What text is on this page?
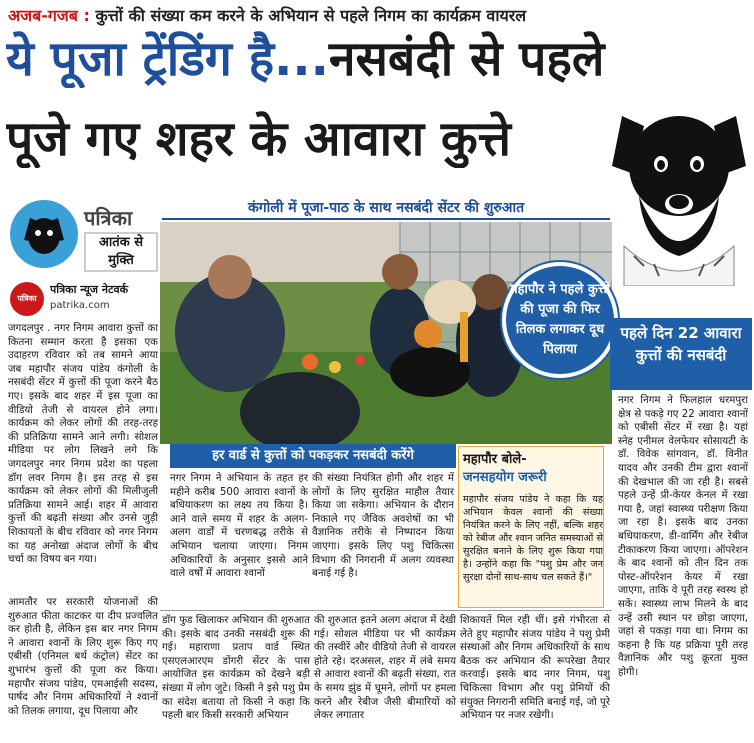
अजब-गजब : कुत्तों की संख्या कम करने के अभियान से पहले निगम का कार्यक्रम वायरल
ये पूजा ट्रेंडिंग है...नसबंदी से पहले
पूजे गए शहर के आवारा कुत्ते
पत्रिका
आतंक से मुक्ति
पत्रिका
पत्रिका न्यूज नेटवर्क
patrika.com
जगदलपुर . नगर निगम आवारा कुत्तों का कितना सम्मान करता है इसका एक उदाहरण रविवार को तब सामने आया जब महापौर संजय पांडेय कंगोली के नसबंदी सेंटर में कुत्तों की पूजा करने बैठ गए। इसके बाद शहर में इस पूजा का वीडियो तेजी से वायरल होने लगा। कार्यक्रम को लेकर लोगों की तरह-तरह की प्रतिक्रिया सामने आने लगी। सोशल मीडिया पर लोग लिखने लगे कि जगदलपुर नगर निगम प्रदेश का पहला डॉग लवर निगम है। इस तरह से इस कार्यक्रम को लेकर लोगों की मिलीजुली प्रतिक्रिया सामने आई। शहर में आवारा कुत्तों की बढ़ती संख्या और उनसे जुड़ी शिकायतों के बीच रविवार को नगर निगम का यह अनोखा अंदाज लोगों के बीच चर्चा का विषय बन गया।
आमतौर पर सरकारी योजनाओं की शुरुआत फीता काटकर या दीप प्रज्वलित कर होती है, लेकिन इस बार नगर निगम ने आवारा श्वानों के लिए शुरू किए गए एबीसी (एनिमल बर्थ कंट्रोल) सेंटर का शुभारंभ कुत्तों की पूजा कर किया। महापौर संजय पांडेय, एमआईसी सदस्य, पार्षद और निगम अधिकारियों ने श्वानों को तिलक लगाया, दूध पिलाया और
कंगोली में पूजा-पाठ के साथ नसबंदी सेंटर की शुरुआत
महापौर ने पहले कुत्तों की पूजा की फिर तिलक लगाकर दूध पिलाया
पहले दिन 22 आवारा कुत्तों की नसबंदी
नगर निगम ने फिलहाल धरमपुरा क्षेत्र से पकड़े गए 22 आवारा श्वानों को एबीसी सेंटर में रखा है। यहां स्नेह एनीमल वेलफेयर सोसायटी के डॉ. विवेक सांगवान, डॉ. विनीत यादव और उनकी टीम द्वारा श्वानों की देखभाल की जा रही है। सबसे पहले उन्हें प्री-केयर केनल में रखा गया है, जहां स्वास्थ्य परीक्षण किया जा रहा है। इसके बाद उनका बधियाकरण, डी-वार्मिंग और रेबीज टीकाकरण किया जाएगा। ऑपरेशन के बाद श्वानों को तीन दिन तक पोस्ट-ऑपरेशन केयर में रखा जाएगा, ताकि वे पूरी तरह स्वस्थ हो सकें। स्वास्थ्य लाभ मिलने के बाद उन्हें उसी स्थान पर छोड़ा जाएगा, जहां से पकड़ा गया था। निगम का कहना है कि यह प्रक्रिया पूरी तरह वैज्ञानिक और पशु क्रूरता मुक्त होगी।
हर वार्ड से कुत्तों को पकड़कर नसबंदी करेंगे
नगर निगम ने अभियान के तहत हर महीने करीब 500 आवारा श्वानों के बधियाकरण का लक्ष्य तय किया है। आने वाले समय में शहर के अलग-अलग वार्डों में चरणबद्ध तरीके से अभियान चलाया जाएगा। निगम अधिकारियों के अनुसार इससे आने वाले वर्षों में आवारा श्वानों
की संख्या नियंत्रित होगी और शहर में लोगों के लिए सुरक्षित माहौल तैयार किया जा सकेगा। अभियान के दौरान निकाले गए जैविक अवशेषों का भी वैज्ञानिक तरीके से निष्पादन किया जाएगा। इसके लिए पशु चिकित्सा विभाग की निगरानी में अलग व्यवस्था बनाई गई है।
महापौर बोले-
जनसहयोग जरूरी
महापौर संजय पांडेय ने कहा कि यह अभियान केवल श्वानों की संख्या नियंत्रित करने के लिए नहीं, बल्कि शहर को रेबीज और श्वान जनित समस्याओं से सुरक्षित बनाने के लिए शुरू किया गया है। उन्होंने कहा कि "पशु प्रेम और जन सुरक्षा दोनों साथ-साथ चल सकते हैं।"
डॉग फुड खिलाकर अभियान की शुरुआत की। इसके बाद उनकी नसबंदी शुरू की गई। महाराणा प्रताप वार्ड स्थित एसएलआरएम डोंगरी सेंटर के पास आयोजित इस कार्यक्रम को देखने बड़ी संख्या में लोग जुटे। किसी ने इसे पशु प्रेम का संदेश बताया तो किसी ने कहा कि पहली बार किसी सरकारी अभियान
की शुरुआत इतने अलग अंदाज में देखी गई। सोशल मीडिया पर भी कार्यक्रम की तस्वीरें और वीडियो तेजी से वायरल होते रहे। दरअसल, शहर में लंबे समय से आवारा श्वानों की बढ़ती संख्या, रात के समय झुंड में घूमने, लोगों पर हमला करने और रेबीज जैसी बीमारियों को लेकर लगातार
शिकायतें मिल रही थीं। इसे गंभीरता से लेते हुए महापौर संजय पांडेय ने पशु प्रेमी संस्थाओं और निगम अधिकारियों के साथ बैठक कर अभियान की रूपरेखा तैयार करवाई। इसके बाद नगर निगम, पशु चिकित्सा विभाग और पशु प्रेमियों की संयुक्त निगरानी समिति बनाई गई, जो पूरे अभियान पर नजर रखेगी।
